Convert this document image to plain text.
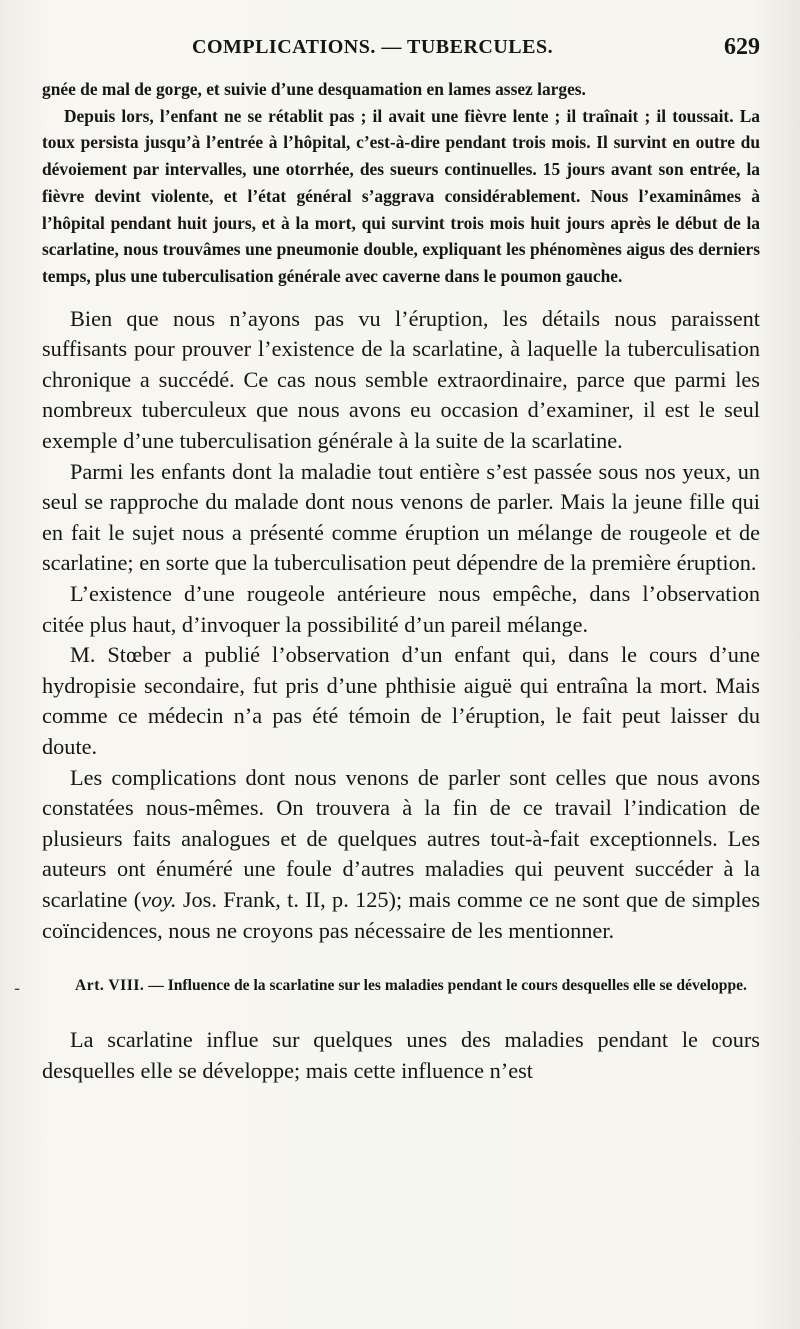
COMPLICATIONS. — TUBERCULES.	629

gnée de mal de gorge, et suivie d’une desquamation en lames assez larges.

Depuis lors, l’enfant ne se rétablit pas ; il avait une fièvre lente ; il traînait ; il toussait. La toux persista jusqu’à l’entrée à l’hôpital, c’est-à-dire pendant trois mois. Il survint en outre du dévoiement par intervalles, une otorrhée, des sueurs continuelles. 15 jours avant son entrée, la fièvre devint violente, et l’état général s’aggrava considérablement. Nous l’examinâmes à l’hôpital pendant huit jours, et à la mort, qui survint trois mois huit jours après le début de la scarlatine, nous trouvâmes une pneumonie double, expliquant les phénomènes aigus des derniers temps, plus une tuberculisation générale avec caverne dans le poumon gauche.

Bien que nous n’ayons pas vu l’éruption, les détails nous paraissent suffisants pour prouver l’existence de la scarlatine, à laquelle la tuberculisation chronique a succédé. Ce cas nous semble extraordinaire, parce que parmi les nombreux tuberculeux que nous avons eu occasion d’examiner, il est le seul exemple d’une tuberculisation générale à la suite de la scarlatine.

Parmi les enfants dont la maladie tout entière s’est passée sous nos yeux, un seul se rapproche du malade dont nous venons de parler. Mais la jeune fille qui en fait le sujet nous a présenté comme éruption un mélange de rougeole et de scarlatine; en sorte que la tuberculisation peut dépendre de la première éruption.

L’existence d’une rougeole antérieure nous empêche, dans l’observation citée plus haut, d’invoquer la possibilité d’un pareil mélange.

M. Stœber a publié l’observation d’un enfant qui, dans le cours d’une hydropisie secondaire, fut pris d’une phthisie aiguë qui entraîna la mort. Mais comme ce médecin n’a pas été témoin de l’éruption, le fait peut laisser du doute.

Les complications dont nous venons de parler sont celles que nous avons constatées nous-mêmes. On trouvera à la fin de ce travail l’indication de plusieurs faits analogues et de quelques autres tout-à-fait exceptionnels. Les auteurs ont énuméré une foule d’autres maladies qui peuvent succéder à la scarlatine (voy. Jos. Frank, t. II, p. 125); mais comme ce ne sont que de simples coïncidences, nous ne croyons pas nécessaire de les mentionner.

Art. VIII. — Influence de la scarlatine sur les maladies pendant le cours desquelles elle se développe.

La scarlatine influe sur quelques unes des maladies pendant le cours desquelles elle se développe; mais cette influence n’est

-
